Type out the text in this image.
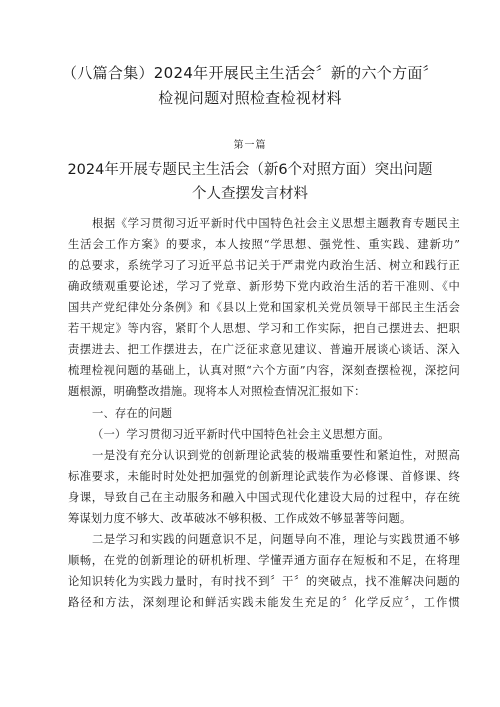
（八篇合集）2024年开展民主生活会〞新的六个方面〞
检视问题对照检查检视材料
第一篇
2024年开展专题民主生活会（新6个对照方面）突出问题
个人查摆发言材料
根据《学习贯彻习近平新时代中国特色社会主义思想主题教育专题民主
生活会工作方案》的要求，本人按照“学思想、强党性、重实践、建新功”
的总要求，系统学习了习近平总书记关于严肃党内政治生活、树立和践行正
确政绩观重要论述，学习了党章、新形势下党内政治生活的若干准则、《中
国共产党纪律处分条例》和《县以上党和国家机关党员领导干部民主生活会
若干规定》等内容，紧盯个人思想、学习和工作实际，把自己摆进去、把职
责摆进去、把工作摆进去，在广泛征求意见建议、普遍开展谈心谈话、深入
梳理检视问题的基础上，认真对照“六个方面”内容，深刻查摆检视，深挖问
题根源，明确整改措施。现将本人对照检查情况汇报如下：
一、存在的问题
（一）学习贯彻习近平新时代中国特色社会主义思想方面。
一是没有充分认识到党的创新理论武装的极端重要性和紧迫性，对照高
标准要求，未能时时处处把加强党的创新理论武装作为必修课、首修课、终
身课，导致自己在主动服务和融入中国式现代化建设大局的过程中，存在统
筹谋划力度不够大、改革破冰不够积极、工作成效不够显著等问题。
二是学习和实践的问题意识不足，问题导向不准，理论与实践贯通不够
顺畅，在党的创新理论的研机析理、学懂弄通方面存在短板和不足，在将理
论知识转化为实践力量时，有时找不到〞干〞的突破点，找不准解决问题的
路径和方法，深刻理论和鲜活实践未能发生充足的〞化学反应〞，工作惯
